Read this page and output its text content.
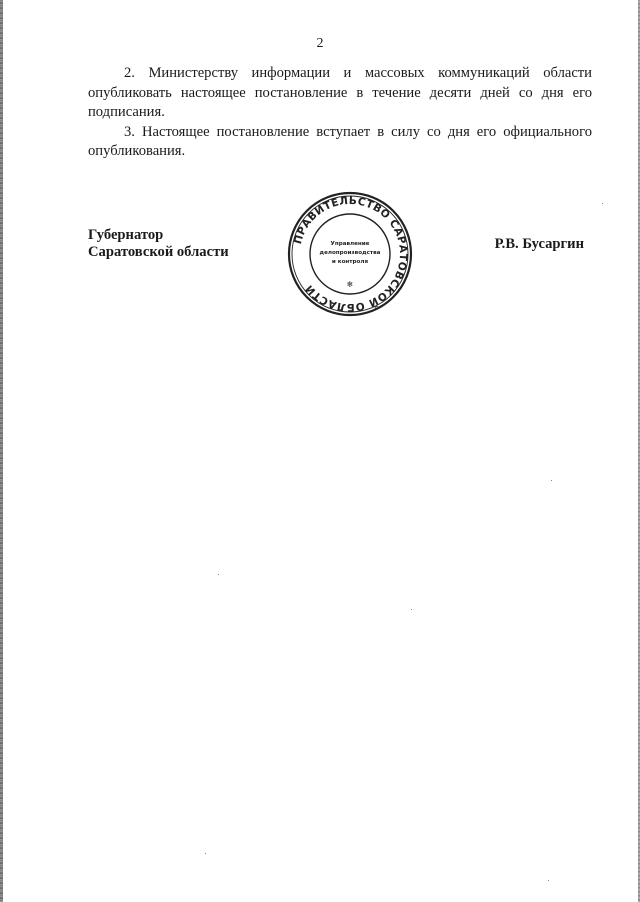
2

2. Министерству информации и массовых коммуникаций области опубликовать настоящее постановление в течение десяти дней со дня его подписания.

3. Настоящее постановление вступает в силу со дня его официального опубликования.

Губернатор
Саратовской области	Р.В. Бусаргин
ПРАВИТЕЛЬСТВО САРАТОВСКОЙ ОБЛАСТИ
Управление
делопроизводства
и контроля
❄
